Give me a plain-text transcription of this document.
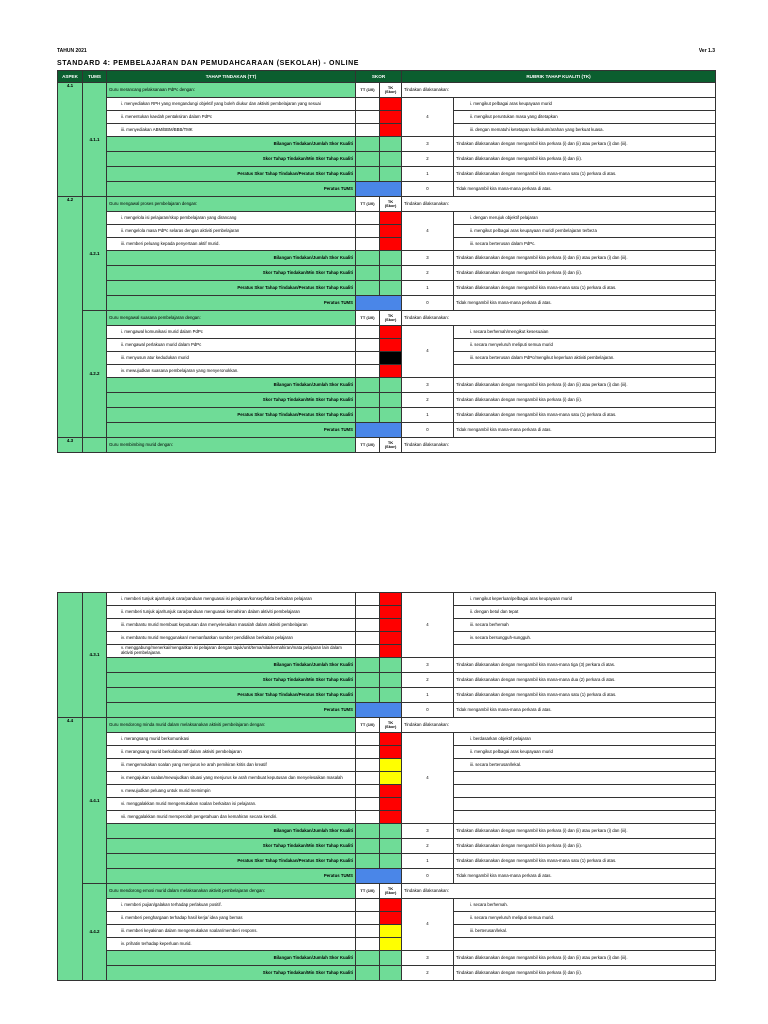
TAHUN 2021	Ver 1.3
STANDARD 4: PEMBELAJARAN DAN PEMUDAHCARAAN (SEKOLAH) - ONLINE
ASPEK	TUMS	TAHAP TINDAKAN (TT)	SKOR		RUBRIK TAHAP KUALITI (TK)	
4.1	4.1.1	Guru merancang pelaksanaan PdPc dengan:	TT (1/0)	TK (Skor)	Tindakan dilaksanakan:	
		i. menyediakan RPH yang mengandungi objektif yang boleh diukur dan aktiviti pembelajaran yang sesuai			4	i. mengikut pelbagai aras keupayaan murid
		ii. menentukan kaedah pentaksiran dalam PdPc				ii. mengikut peruntukan masa yang ditetapkan
		iii. menyediakan ABM/BBM/BBB/TMK				iii. dengan mematuhi ketetapan kurikulum/arahan yang berkuat kuasa.
		Bilangan Tindakan/Jumlah Skor Kualiti			3	Tindakan dilaksanakan dengan mengambil kira perkara (i) dan (ii) atau perkara (i) dan (iii).
		Skor Tahap Tindakan/Min Skor Tahap Kualiti			2	Tindakan dilaksanakan dengan mengambil kira perkara (i) dan (ii).
		Peratus Skor Tahap Tindakan/Peratus Skor Tahap Kualiti			1	Tindakan dilaksanakan dengan mengambil kira mana-mana satu (1) perkara di atas.
		Peratus TUMS			0	Tidak mengambil kira mana-mana perkara di atas.
4.2	4.2.1	Guru mengawal proses pembelajaran dengan:	TT (1/0)	TK (Skor)	Tindakan dilaksanakan:	
		i. mengelola isi pelajaran/skop pembelajaran yang dirancang			4	i. dengan merujuk objektif pelajaran
		ii. mengelola masa PdPc selaras dengan aktiviti pembelajaran				ii. mengikut pelbagai aras keupayaan murid/ pembelajaran terbeza
		iii. memberi peluang kepada penyertaan aktif murid.				iii. secara berterusan dalam PdPc.
		Bilangan Tindakan/Jumlah Skor Kualiti			3	Tindakan dilaksanakan dengan mengambil kira perkara (i) dan (ii) atau perkara (i) dan (iii).
		Skor Tahap Tindakan/Min Skor Tahap Kualiti			2	Tindakan dilaksanakan dengan mengambil kira perkara (i) dan (ii).
		Peratus Skor Tahap Tindakan/Peratus Skor Tahap Kualiti			1	Tindakan dilaksanakan dengan mengambil kira mana-mana satu (1) perkara di atas.
		Peratus TUMS			0	Tidak mengambil kira mana-mana perkara di atas.
	4.2.2	Guru mengawal suasana pembelajaran dengan:	TT (1/0)	TK (Skor)	Tindakan dilaksanakan:	
		i. mengawal komunikasi murid dalam PdPc			4	i. secara berhemah/mengikut kesesuaian
		ii. mengawal perlakuan murid dalam PdPc				ii. secara menyeluruh meliputi semua murid
		iii. menyusun atur kedudukan murid				iii. secara berterusan dalam PdPc/mengikut keperluan aktiviti pembelajaran.
		iv. mewujudkan suasana pembelajaran yang menyeronokkan.				
		Bilangan Tindakan/Jumlah Skor Kualiti			3	Tindakan dilaksanakan dengan mengambil kira perkara (i) dan (ii) atau perkara (i) dan (iii).
		Skor Tahap Tindakan/Min Skor Tahap Kualiti			2	Tindakan dilaksanakan dengan mengambil kira perkara (i) dan (ii).
		Peratus Skor Tahap Tindakan/Peratus Skor Tahap Kualiti			1	Tindakan dilaksanakan dengan mengambil kira mana-mana satu (1) perkara di atas.
		Peratus TUMS			0	Tidak mengambil kira mana-mana perkara di atas.
4.3		Guru membimbing murid dengan:	TT (1/0)	TK (Skor)	Tindakan dilaksanakan:	
	4.3.1	i. memberi tunjuk ajar/tunjuk cara/panduan menguasai isi pelajaran/konsep/fakta berkaitan pelajaran			4	i. mengikut keperluan/pelbagai aras keupayaan murid
		ii. memberi tunjuk ajar/tunjuk cara/panduan menguasai kemahiran dalam aktiviti pembelajaran				ii. dengan betul dan tepat
		iii. membantu murid membuat keputusan dan menyelesaikan masalah dalam aktiviti pembelajaran				iii. secara berhemah
		iv. membantu murid menggunakan/ memanfaatkan sumber pendidikan berkaitan pelajaran				iv. secara bersungguh-sungguh.
		v. menggabung/menerkai/mengaitkan isi pelajaran dengan tajuk/unit/tema/nilai/kemahiran/mata pelajaran lain dalam aktiviti pembelajaran.				
		Bilangan Tindakan/Jumlah Skor Kualiti			3	Tindakan dilaksanakan dengan mengambil kira mana-mana tiga (3) perkara di atas.
		Skor Tahap Tindakan/Min Skor Tahap Kualiti			2	Tindakan dilaksanakan dengan mengambil kira mana-mana dua (2) perkara di atas.
		Peratus Skor Tahap Tindakan/Peratus Skor Tahap Kualiti			1	Tindakan dilaksanakan dengan mengambil kira mana-mana satu (1) perkara di atas.
		Peratus TUMS			0	Tidak mengambil kira mana-mana perkara di atas.
4.4	4.4.1	Guru mendorong minda murid dalam melaksanakan aktiviti pembelajaran dengan:	TT (1/0)	TK (Skor)	Tindakan dilaksanakan:	
		i. merangsang murid berkomunikasi			4	i. berdasarkan objektif pelajaran
		ii. merangsang murid berkolaboratif dalam aktiviti pembelajaran				ii. mengikut pelbagai aras keupayaan murid
		iii. mengemukakan soalan yang menjurus ke arah pemikiran kritis dan kreatif				iii. secara berterusan/lekal.
		iv. mengajukan soalan/mewujudkan situasi yang menjurus ke arah membuat keputusan dan menyelesaikan masalah				
		v. mewujudkan peluang untuk murid memimpin				
		vi. menggalakkan murid mengemukakan soalan berkaitan isi pelajaran.				
		vii. menggalakkan murid memperolah pengetahuan dan kemahiran secara kendiri.				
		Bilangan Tindakan/Jumlah Skor Kualiti			3	Tindakan dilaksanakan dengan mengambil kira perkara (i) dan (ii) atau perkara (i) dan (iii).
		Skor Tahap Tindakan/Min Skor Tahap Kualiti			2	Tindakan dilaksanakan dengan mengambil kira perkara (i) dan (ii).
		Peratus Skor Tahap Tindakan/Peratus Skor Tahap Kualiti			1	Tindakan dilaksanakan dengan mengambil kira mana-mana satu (1) perkara di atas.
		Peratus TUMS			0	Tidak mengambil kira mana-mana perkara di atas.
	4.4.2	Guru mendorong emosi murid dalam melaksanakan aktiviti pembelajaran dengan:	TT (1/0)	TK (Skor)	Tindakan dilaksanakan:	
		i. memberi pujian/galakan terhadap perlakuan positif.			4	i. secara berhemah.
		ii. memberi penghargaan terhadap hasil kerja/ idea yang bernas				ii. secara menyeluruh meliputi semua murid.
		iii. memberi keyakinan dalam mengemukakan soalan/memberi respons.				iii. berterusan/lekal.
		iv. prihatin terhadap keperluan murid.				
		Bilangan Tindakan/Jumlah Skor Kualiti			3	Tindakan dilaksanakan dengan mengambil kira perkara (i) dan (ii) atau perkara (i) dan (iii).
		Skor Tahap Tindakan/Min Skor Tahap Kualiti			2	Tindakan dilaksanakan dengan mengambil kira perkara (i) dan (ii).
